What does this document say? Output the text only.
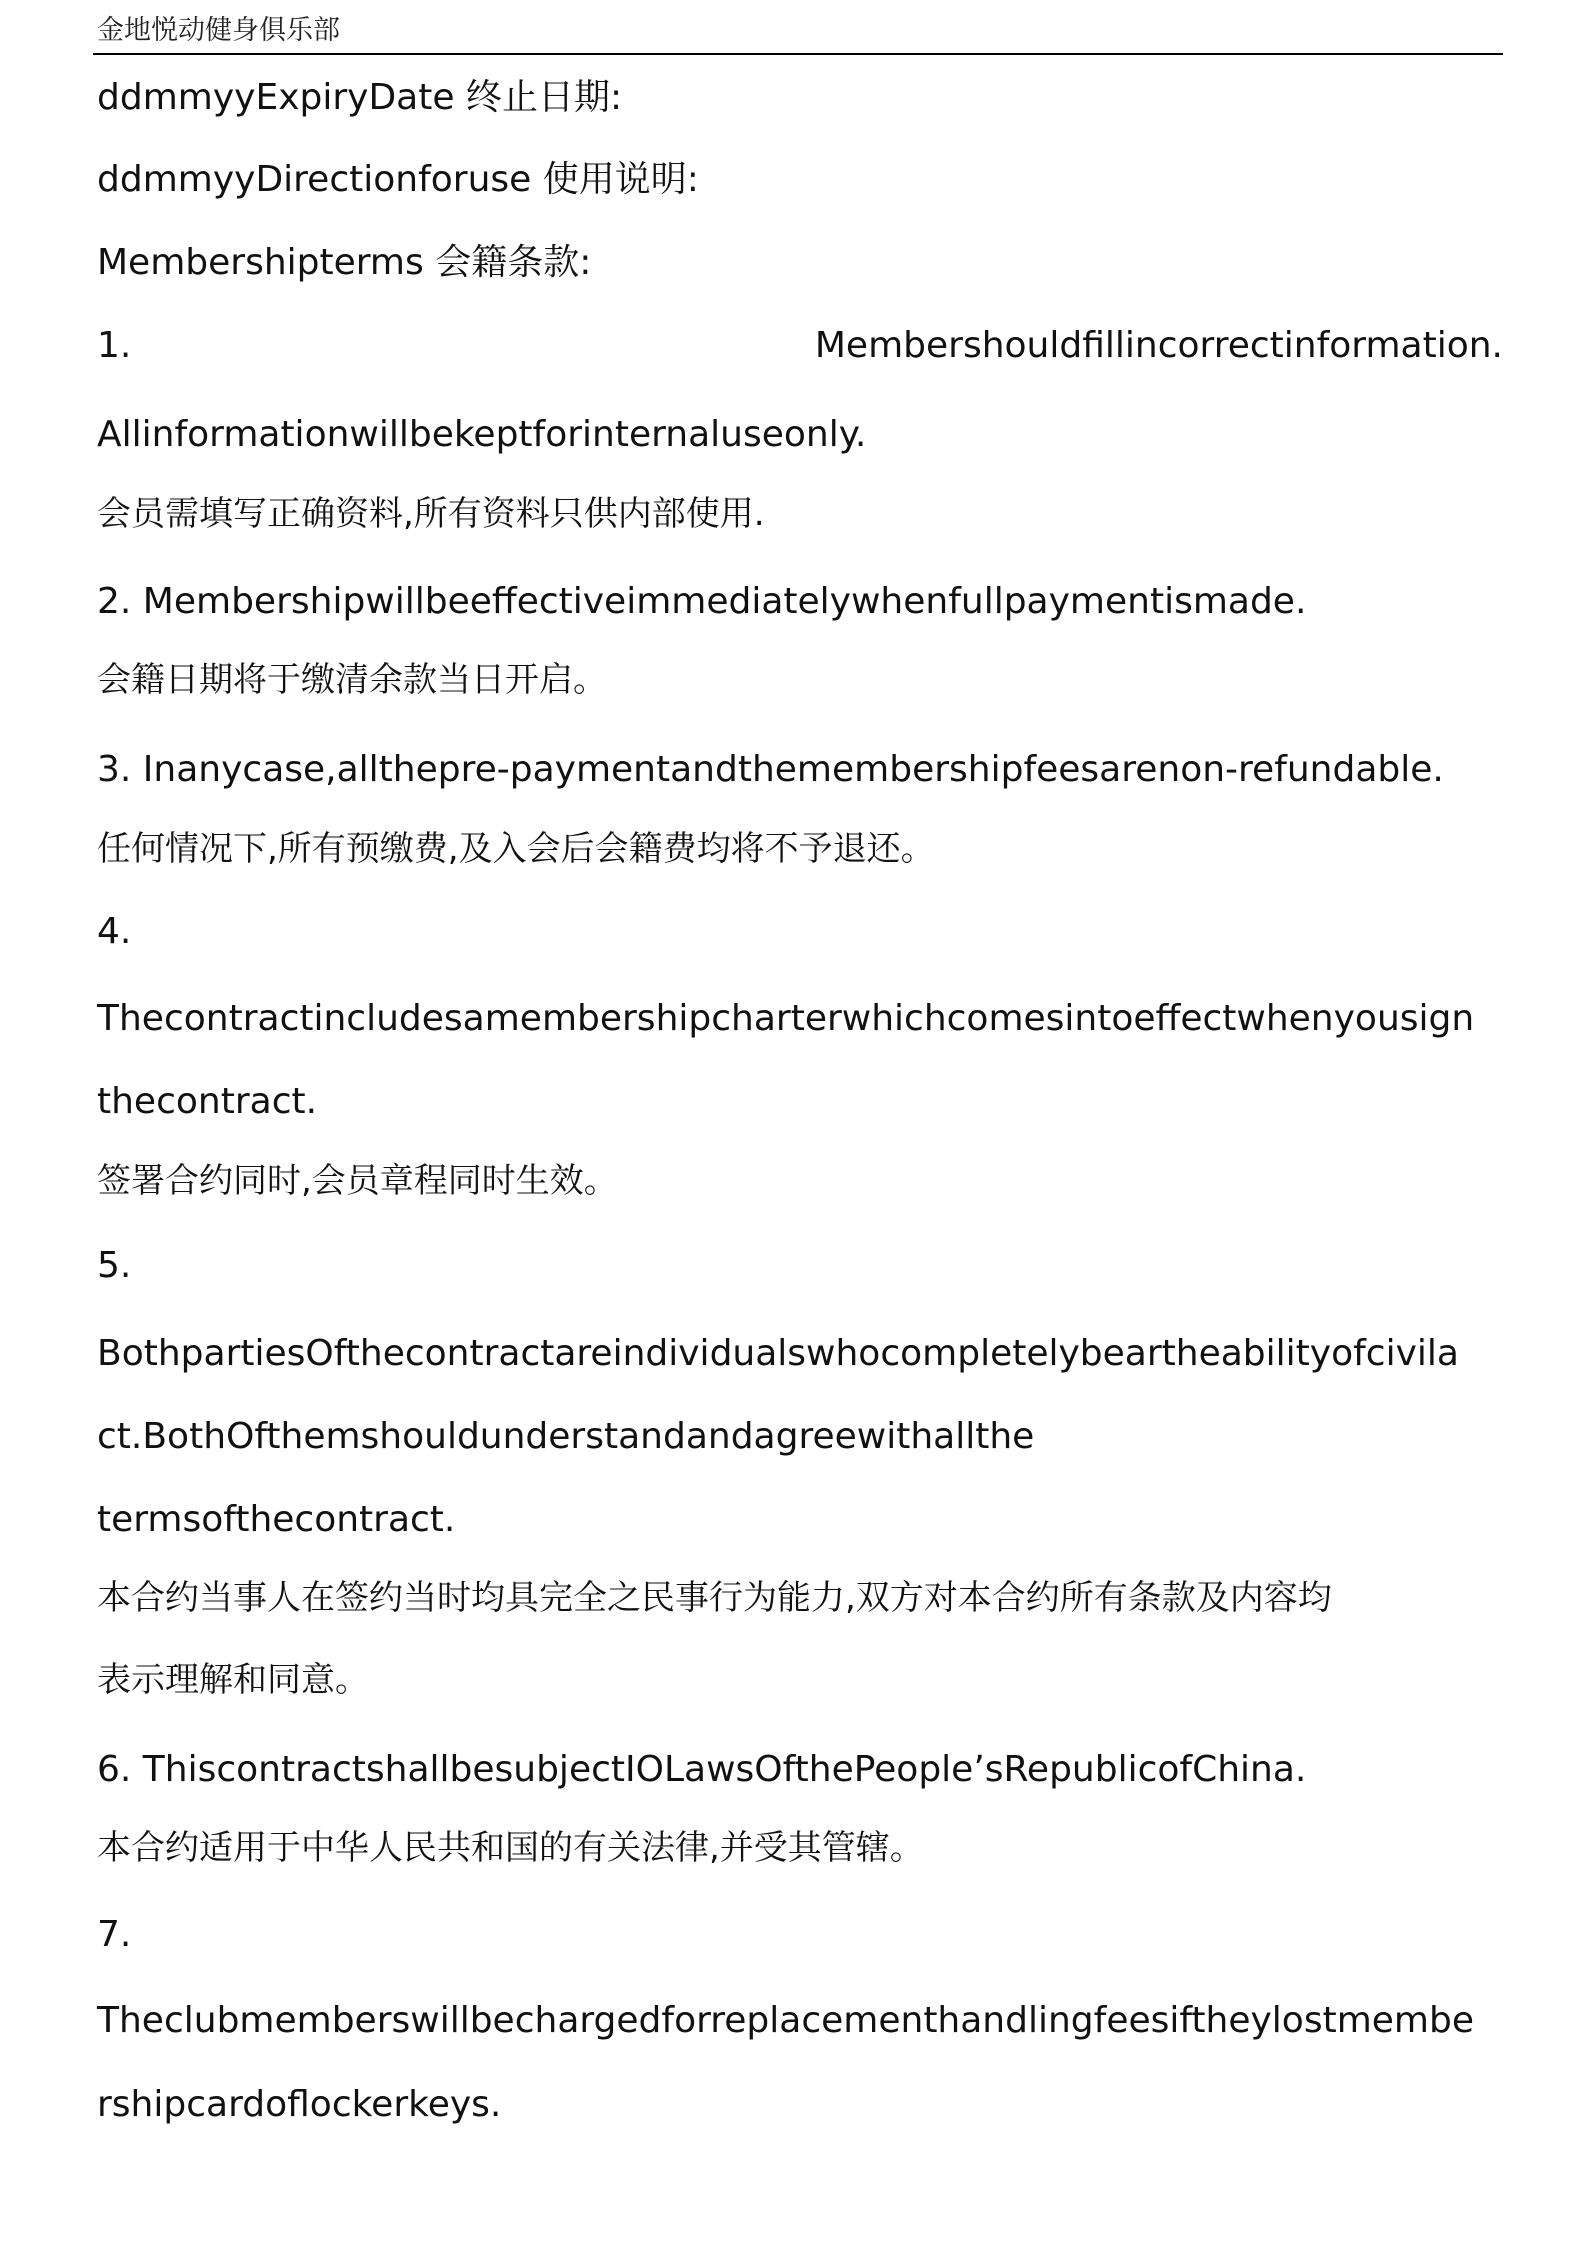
金地悦动健身俱乐部
ddmmyyExpiryDate 终止日期:
ddmmyyDirectionforuse 使用说明:
Membershipterms 会籍条款:
1.	Membershouldfillincorrectinformation.
Allinformationwillbekeptforinternaluseonly.
会员需填写正确资料,所有资料只供内部使用.
2. Membershipwillbeeffectiveimmediatelywhenfullpaymentismade.
会籍日期将于缴清余款当日开启。
3. Inanycase,allthepre-paymentandthemembershipfeesarenon-refundable.
任何情况下,所有预缴费,及入会后会籍费均将不予退还。
4.
Thecontractincludesamembershipcharterwhichcomesintoeffectwhenyousign
thecontract.
签署合约同时,会员章程同时生效。
5.
BothpartiesOfthecontractareindividualswhocompletelybeartheabilityofcivila
ct.BothOfthemshouldunderstandandagreewithallthe
termsofthecontract.
本合约当事人在签约当时均具完全之民事行为能力,双方对本合约所有条款及内容均
表示理解和同意。
6. ThiscontractshallbesubjectIOLawsOfthePeople’sRepublicofChina.
本合约适用于中华人民共和国的有关法律,并受其管辖。
7.
Theclubmemberswillbechargedforreplacementhandlingfeesiftheylostmembe
rshipcardoflockerkeys.
